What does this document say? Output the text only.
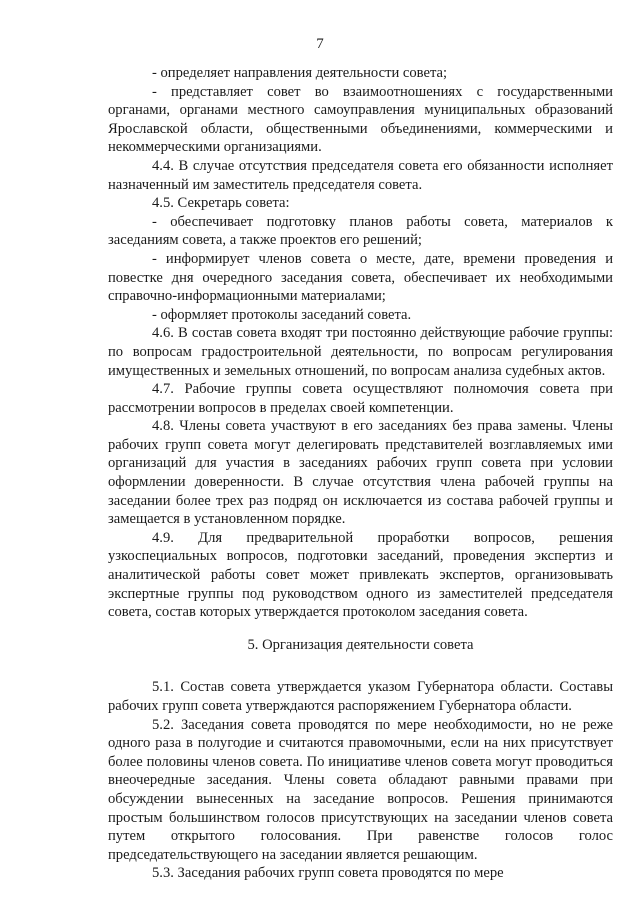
7

- определяет направления деятельности совета;

- представляет совет во взаимоотношениях с государственными органами, органами местного самоуправления муниципальных образований Ярославской области, общественными объединениями, коммерческими и некоммерческими организациями.

4.4. В случае отсутствия председателя совета его обязанности исполняет назначенный им заместитель председателя совета.

4.5. Секретарь совета:

- обеспечивает подготовку планов работы совета, материалов к заседаниям совета, а также проектов его решений;

- информирует членов совета о месте, дате, времени проведения и повестке дня очередного заседания совета, обеспечивает их необходимыми справочно-информационными материалами;

- оформляет протоколы заседаний совета.

4.6. В состав совета входят три постоянно действующие рабочие группы: по вопросам градостроительной деятельности, по вопросам регулирования имущественных и земельных отношений, по вопросам анализа судебных актов.

4.7. Рабочие группы совета осуществляют полномочия совета при рассмотрении вопросов в пределах своей компетенции.

4.8. Члены совета участвуют в его заседаниях без права замены. Члены рабочих групп совета могут делегировать представителей возглавляемых ими организаций для участия в заседаниях рабочих групп совета при условии оформлении доверенности. В случае отсутствия члена рабочей группы на заседании более трех раз подряд он исключается из состава рабочей группы и замещается в установленном порядке.

4.9. Для предварительной проработки вопросов, решения узкоспециальных вопросов, подготовки заседаний, проведения экспертиз и аналитической работы совет может привлекать экспертов, организовывать экспертные группы под руководством одного из заместителей председателя совета, состав которых утверждается протоколом заседания совета.

5. Организация деятельности совета

5.1. Состав совета утверждается указом Губернатора области. Составы рабочих групп совета утверждаются распоряжением Губернатора области.

5.2. Заседания совета проводятся по мере необходимости, но не реже одного раза в полугодие и считаются правомочными, если на них присутствует более половины членов совета. По инициативе членов совета могут проводиться внеочередные заседания. Члены совета обладают равными правами при обсуждении вынесенных на заседание вопросов. Решения принимаются простым большинством голосов присутствующих на заседании членов совета путем открытого голосования. При равенстве голосов голос председательствующего на заседании является решающим.

5.3. Заседания рабочих групп совета проводятся по мере
